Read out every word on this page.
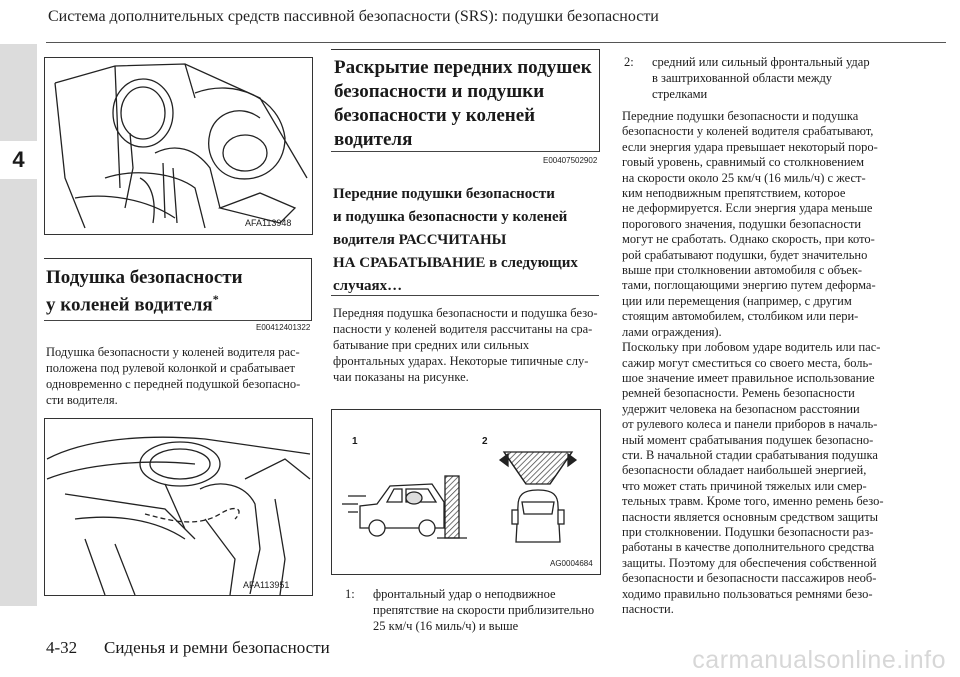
Система дополнительных средств пассивной безопасности (SRS): подушки безопасности
4
AFA113948
Подушка безопасности
у коленей водителя*
E00412401322
Подушка безопасности у коленей водителя рас-
положена под рулевой колонкой и срабатывает
одновременно с передней подушкой безопасно-
сти водителя.
AFA113951
Раскрытие передних подушек
безопасности и подушки
безопасности у коленей
водителя
E00407502902
Передние подушки безопасности
и подушка безопасности у коленей
водителя РАССЧИТАНЫ
НА СРАБАТЫВАНИЕ в следующих
случаях…
Передняя подушка безопасности и подушка безо-
пасности у коленей водителя рассчитаны на сра-
батывание при средних или сильных
фронтальных ударах. Некоторые типичные слу-
чаи показаны на рисунке.
1	2
AG0004684
1: фронтальный удар о неподвижное
препятствие на скорости приблизительно
25 км/ч (16 миль/ч) и выше
2: средний или сильный фронтальный удар
в заштрихованной области между
стрелками
Передние подушки безопасности и подушка
безопасности у коленей водителя срабатывают,
если энергия удара превышает некоторый поро-
говый уровень, сравнимый со столкновением
на скорости около 25 км/ч (16 миль/ч) с жест-
ким неподвижным препятствием, которое
не деформируется. Если энергия удара меньше
порогового значения, подушки безопасности
могут не сработать. Однако скорость, при кото-
рой срабатывают подушки, будет значительно
выше при столкновении автомобиля с объек-
тами, поглощающими энергию путем деформа-
ции или перемещения (например, с другим
стоящим автомобилем, столбиком или пери-
лами ограждения).
Поскольку при лобовом ударе водитель или пас-
сажир могут сместиться со своего места, боль-
шое значение имеет правильное использование
ремней безопасности. Ремень безопасности
удержит человека на безопасном расстоянии
от рулевого колеса и панели приборов в началь-
ный момент срабатывания подушек безопасно-
сти. В начальной стадии срабатывания подушка
безопасности обладает наибольшей энергией,
что может стать причиной тяжелых или смер-
тельных травм. Кроме того, именно ремень безо-
пасности является основным средством защиты
при столкновении. Подушки безопасности раз-
работаны в качестве дополнительного средства
защиты. Поэтому для обеспечения собственной
безопасности и безопасности пассажиров необ-
ходимо правильно пользоваться ремнями безо-
пасности.
4-32 Сиденья и ремни безопасности	carmanualsonline.info
